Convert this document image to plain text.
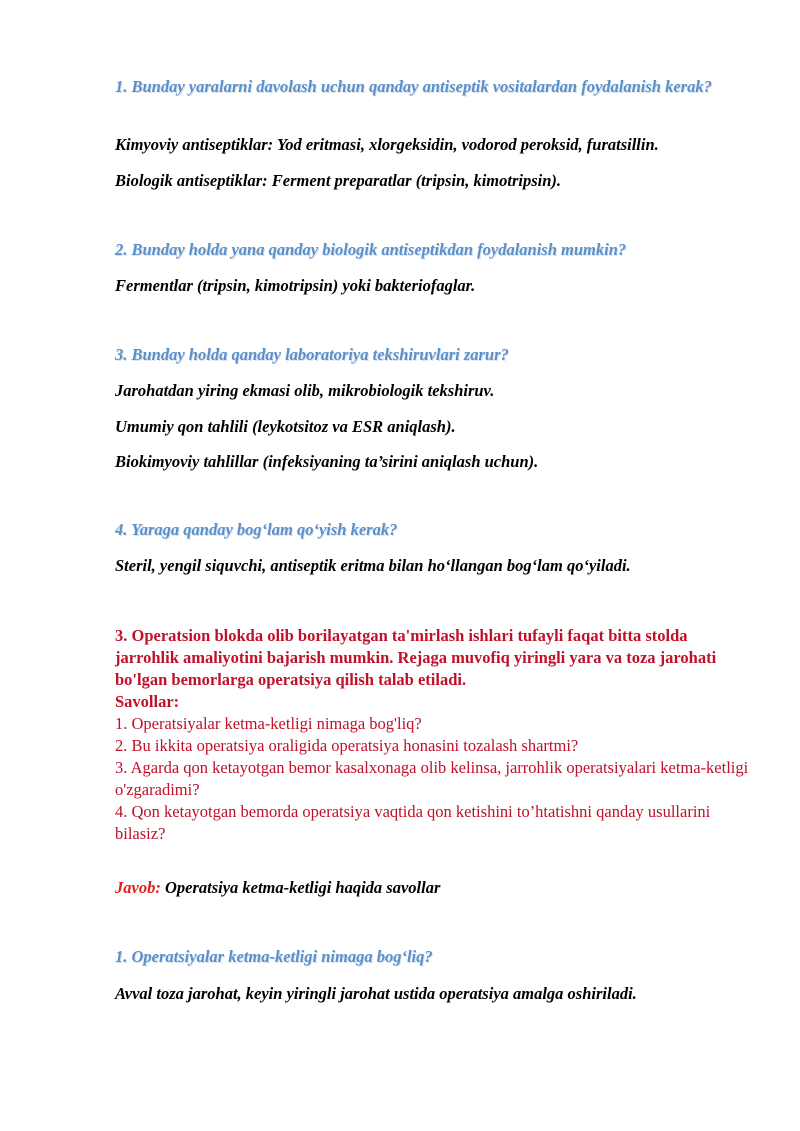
1. Bunday yaralarni davolash uchun qanday antiseptik vositalardan foydalanish kerak?

Kimyoviy antiseptiklar: Yod eritmasi, xlorgeksidin, vodorod peroksid, furatsillin.

Biologik antiseptiklar: Ferment preparatlar (tripsin, kimotripsin).

2. Bunday holda yana qanday biologik antiseptikdan foydalanish mumkin?

Fermentlar (tripsin, kimotripsin) yoki bakteriofaglar.

3. Bunday holda qanday laboratoriya tekshiruvlari zarur?

Jarohatdan yiring ekmasi olib, mikrobiologik tekshiruv.

Umumiy qon tahlili (leykotsitoz va ESR aniqlash).

Biokimyoviy tahlillar (infeksiyaning ta’sirini aniqlash uchun).

4. Yaraga qanday bog‘lam qo‘yish kerak?

Steril, yengil siquvchi, antiseptik eritma bilan ho‘llangan bog‘lam qo‘yiladi.

3. Operatsion blokda olib borilayatgan ta'mirlash ishlari tufayli faqat bitta stolda jarrohlik amaliyotini bajarish mumkin. Rejaga muvofiq yiringli yara va toza jarohati bo'lgan bemorlarga operatsiya qilish talab etiladi.

Savollar:

1. Operatsiyalar ketma-ketligi nimaga bog'liq?

2. Bu ikkita operatsiya oraligida operatsiya honasini tozalash shartmi?

3. Agarda qon ketayotgan bemor kasalxonaga olib kelinsa, jarrohlik operatsiyalari ketma-ketligi o'zgaradimi?

4. Qon ketayotgan bemorda operatsiya vaqtida qon ketishini to’htatishni qanday usullarini bilasiz?

Javob: Operatsiya ketma-ketligi haqida savollar

1. Operatsiyalar ketma-ketligi nimaga bog‘liq?

Avval toza jarohat, keyin yiringli jarohat ustida operatsiya amalga oshiriladi.
